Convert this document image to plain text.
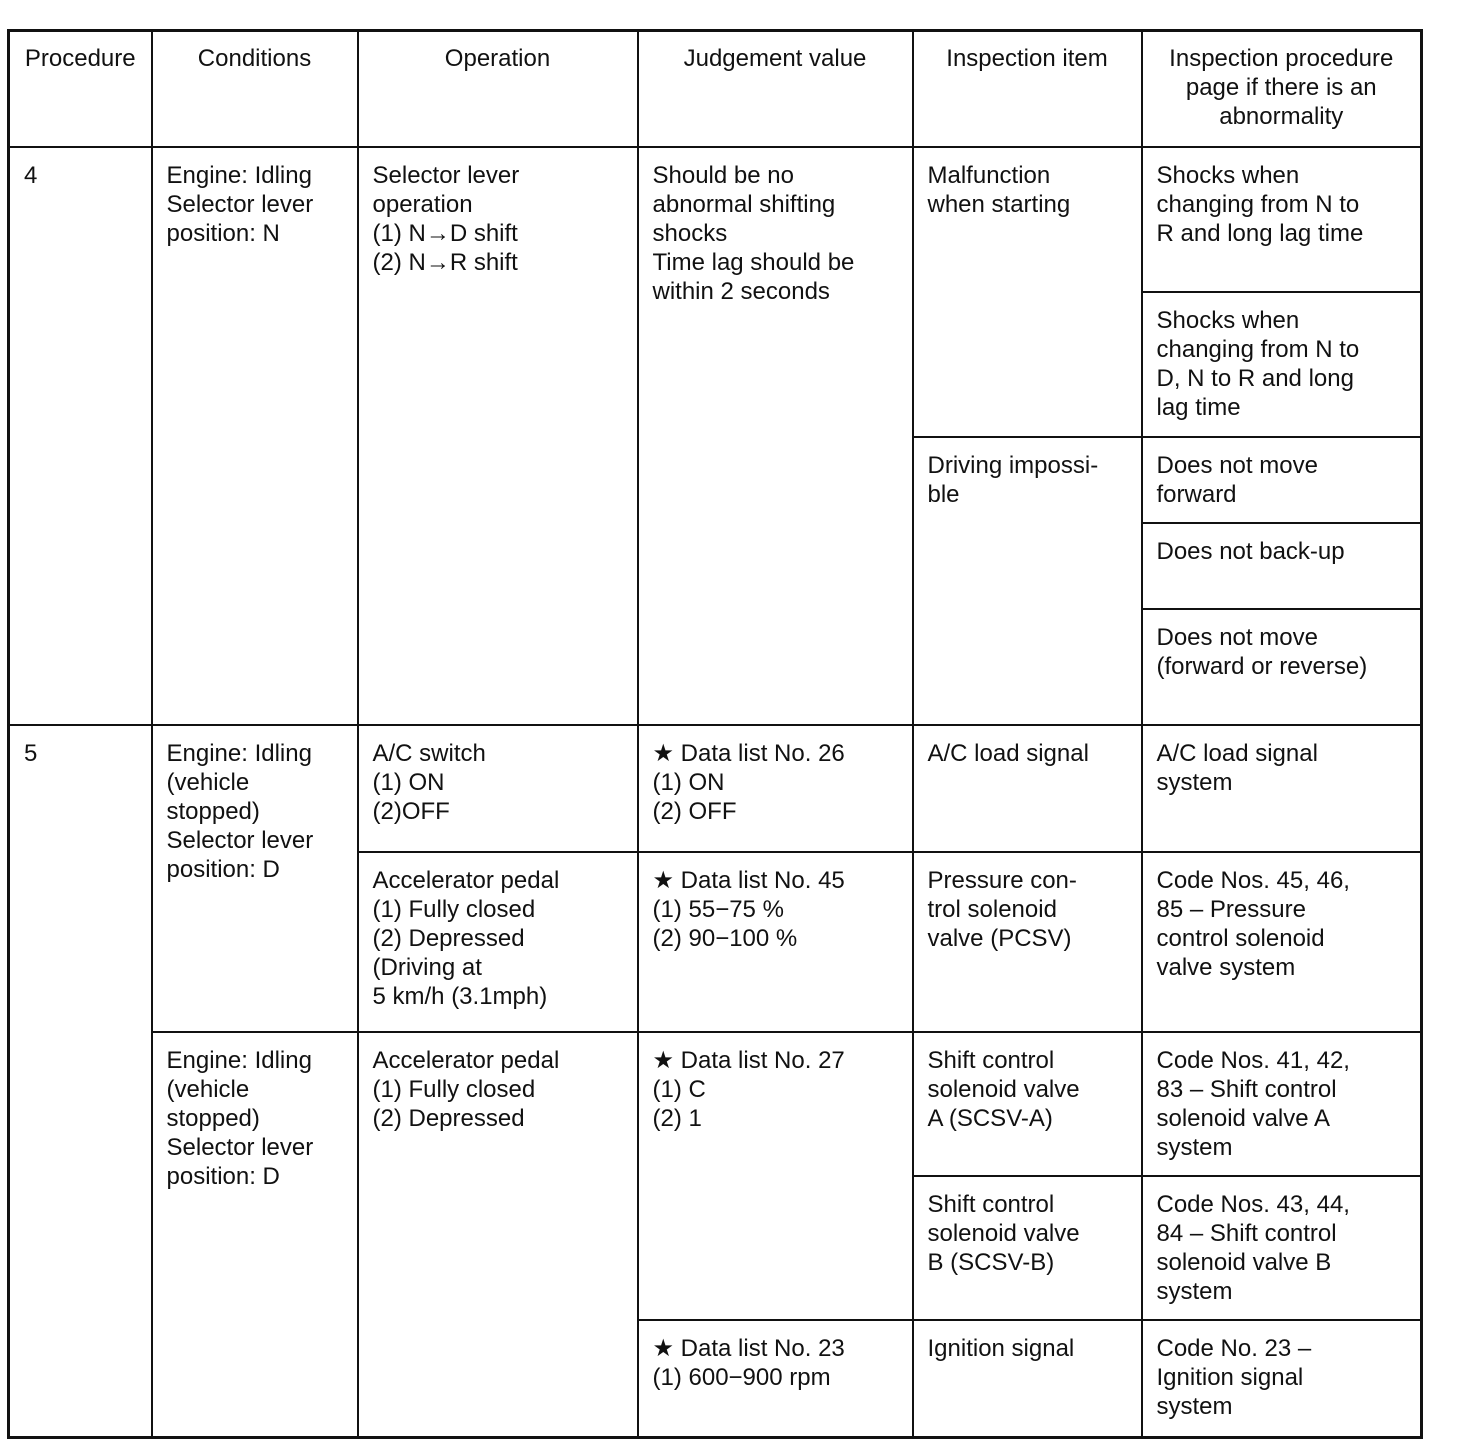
Procedure	Conditions	Operation	Judgement value	Inspection item	Inspection procedure
page if there is an
abnormality

4	Engine: Idling
Selector lever
position: N	Selector lever
operation
(1) N→D shift
(2) N→R shift	Should be no
abnormal shifting
shocks
Time lag should be
within 2 seconds	Malfunction
when starting	Shocks when
changing from N to
R and long lag time

					Shocks when
changing from N to
D, N to R and long
lag time

				Driving impossi-
ble	Does not move
forward

					Does not back-up

					Does not move
(forward or reverse)

5	Engine: Idling
(vehicle
stopped)
Selector lever
position: D	A/C switch
(1) ON
(2)OFF	★ Data list No. 26
(1) ON
(2) OFF	A/C load signal	A/C load signal
system

		Accelerator pedal
(1) Fully closed
(2) Depressed
(Driving at
5 km/h (3.1mph)	★ Data list No. 45
(1) 55−75 %
(2) 90−100 %	Pressure con-
trol solenoid
valve (PCSV)	Code Nos. 45, 46,
85 – Pressure
control solenoid
valve system

	Engine: Idling
(vehicle
stopped)
Selector lever
position: D	Accelerator pedal
(1) Fully closed
(2) Depressed	★ Data list No. 27
(1) C
(2) 1	Shift control
solenoid valve
A (SCSV-A)	Code Nos. 41, 42,
83 – Shift control
solenoid valve A
system

				Shift control
solenoid valve
B (SCSV-B)	Code Nos. 43, 44,
84 – Shift control
solenoid valve B
system

			★ Data list No. 23
(1) 600−900 rpm	Ignition signal	Code No. 23 –
Ignition signal
system
